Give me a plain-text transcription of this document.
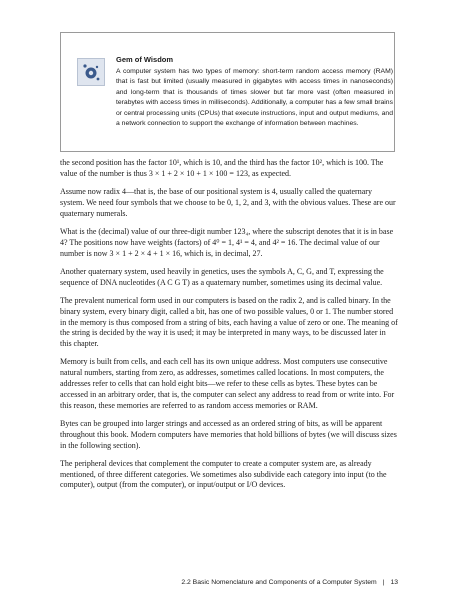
Gem of Wisdom
A computer system has two types of memory: short-term random access memory (RAM) that is fast but limited (usually measured in gigabytes with access times in nanoseconds) and long-term that is thousands of times slower but far more vast (often measured in terabytes with access times in milliseconds). Additionally, a computer has a few small brains or central processing units (CPUs) that execute instructions, input and output mediums, and a network connection to support the exchange of information between machines.

the second position has the factor 10¹, which is 10, and the third has the factor 10², which is 100. The value of the number is thus 3 × 1 + 2 × 10 + 1 × 100 = 123, as expected.

Assume now radix 4—that is, the base of our positional system is 4, usually called the quaternary system. We need four symbols that we choose to be 0, 1, 2, and 3, with the obvious values. These are our quaternary numerals.

What is the (decimal) value of our three-digit number 123₄, where the subscript denotes that it is in base 4? The positions now have weights (factors) of 4⁰ = 1, 4¹ = 4, and 4² = 16. The decimal value of our number is now 3 × 1 + 2 × 4 + 1 × 16, which is, in decimal, 27.

Another quaternary system, used heavily in genetics, uses the symbols A, C, G, and T, expressing the sequence of DNA nucleotides (A C G T) as a quaternary number, sometimes using its decimal value.

The prevalent numerical form used in our computers is based on the radix 2, and is called binary. In the binary system, every binary digit, called a bit, has one of two possible values, 0 or 1. The number stored in the memory is thus composed from a string of bits, each having a value of zero or one. The meaning of the string is decided by the way it is used; it may be interpreted in many ways, to be discussed later in this chapter.

Memory is built from cells, and each cell has its own unique address. Most computers use consecutive natural numbers, starting from zero, as addresses, sometimes called locations. In most computers, the addresses refer to cells that can hold eight bits—we refer to these cells as bytes. These bytes can be accessed in an arbitrary order, that is, the computer can select any address to read from or write into. For this reason, these memories are referred to as random access memories or RAM.

Bytes can be grouped into larger strings and accessed as an ordered string of bits, as will be apparent throughout this book. Modern computers have memories that hold billions of bytes (we will discuss sizes in the following section).

The peripheral devices that complement the computer to create a computer system are, as already mentioned, of three different categories. We sometimes also subdivide each category into input (to the computer), output (from the computer), or input/output or I/O devices.

2.2 Basic Nomenclature and Components of a Computer System | 13
